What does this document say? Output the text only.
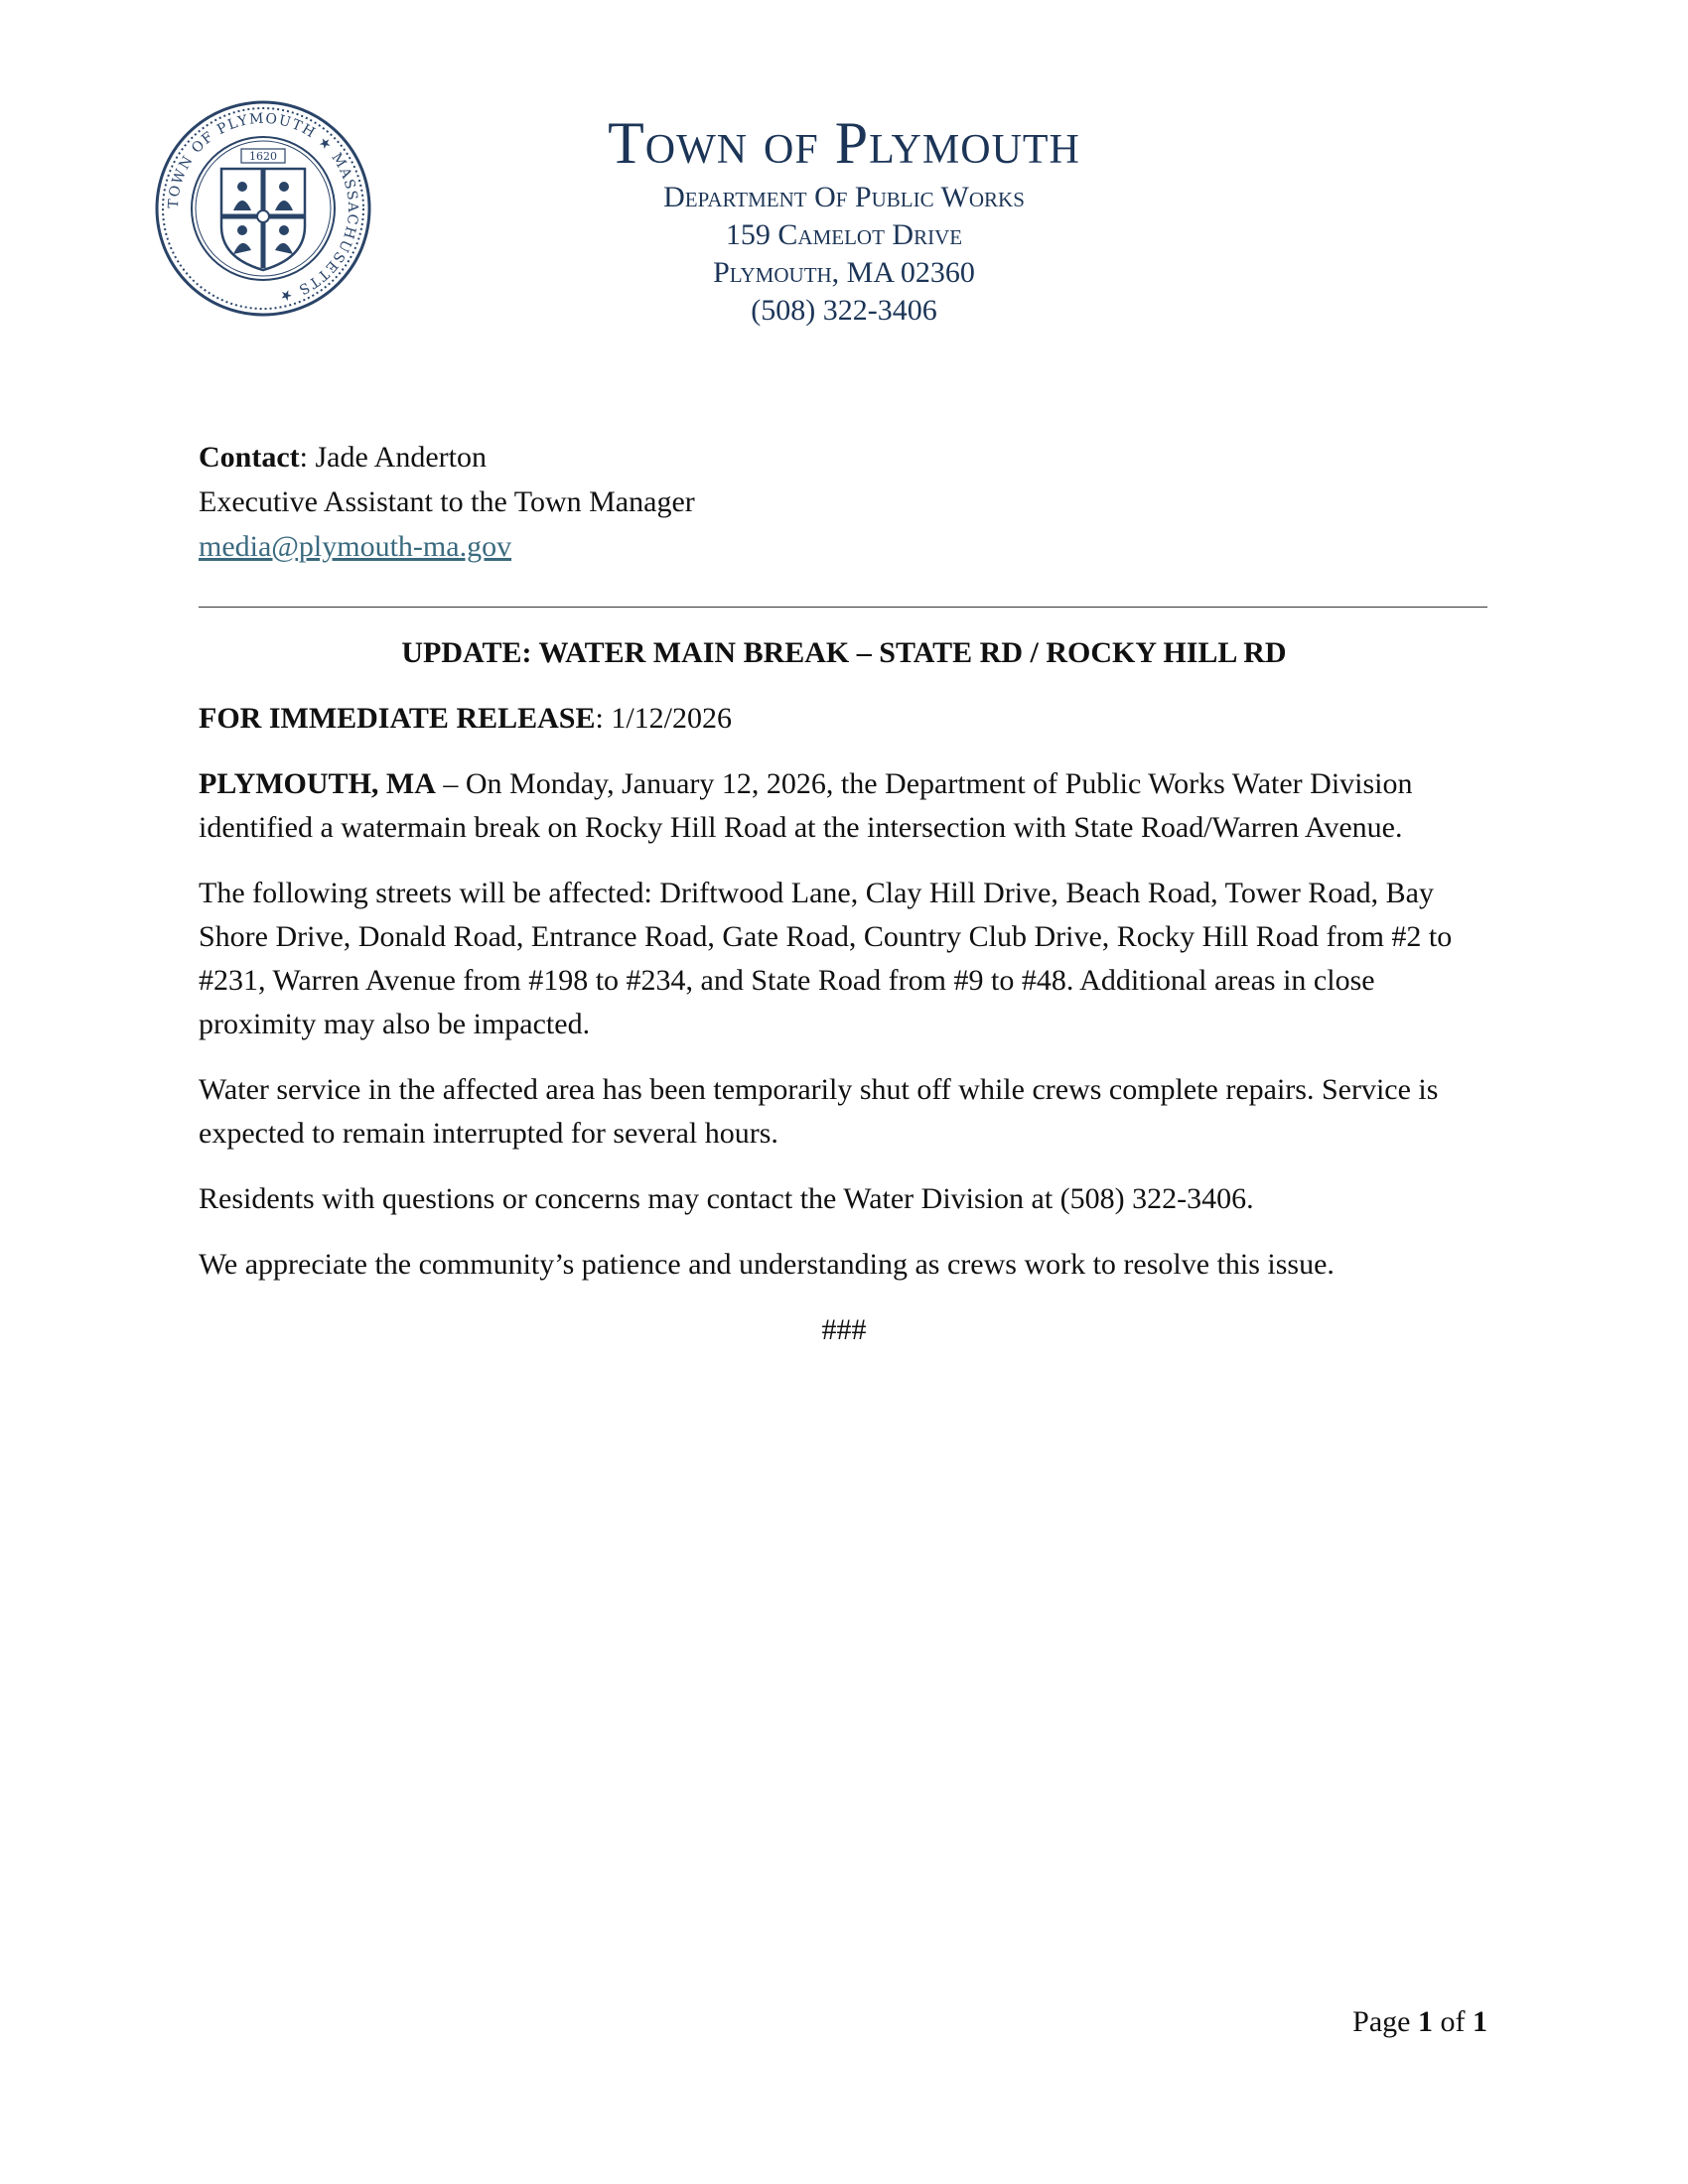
TOWN OF PLYMOUTH ★ MASSACHUSETTS ★
1620	Town of Plymouth
Department Of Public Works
159 Camelot Drive
Plymouth, MA 02360
(508) 322-3406
Contact: Jade Anderton
Executive Assistant to the Town Manager
media@plymouth-ma.gov
UPDATE: WATER MAIN BREAK – STATE RD / ROCKY HILL RD

FOR IMMEDIATE RELEASE: 1/12/2026

PLYMOUTH, MA – On Monday, January 12, 2026, the Department of Public Works Water Division identified a watermain break on Rocky Hill Road at the intersection with State Road/Warren Avenue.

The following streets will be affected: Driftwood Lane, Clay Hill Drive, Beach Road, Tower Road, Bay Shore Drive, Donald Road, Entrance Road, Gate Road, Country Club Drive, Rocky Hill Road from #2 to #231, Warren Avenue from #198 to #234, and State Road from #9 to #48. Additional areas in close proximity may also be impacted.

Water service in the affected area has been temporarily shut off while crews complete repairs. Service is expected to remain interrupted for several hours.

Residents with questions or concerns may contact the Water Division at (508) 322-3406.

We appreciate the community’s patience and understanding as crews work to resolve this issue.

###
Page 1 of 1
